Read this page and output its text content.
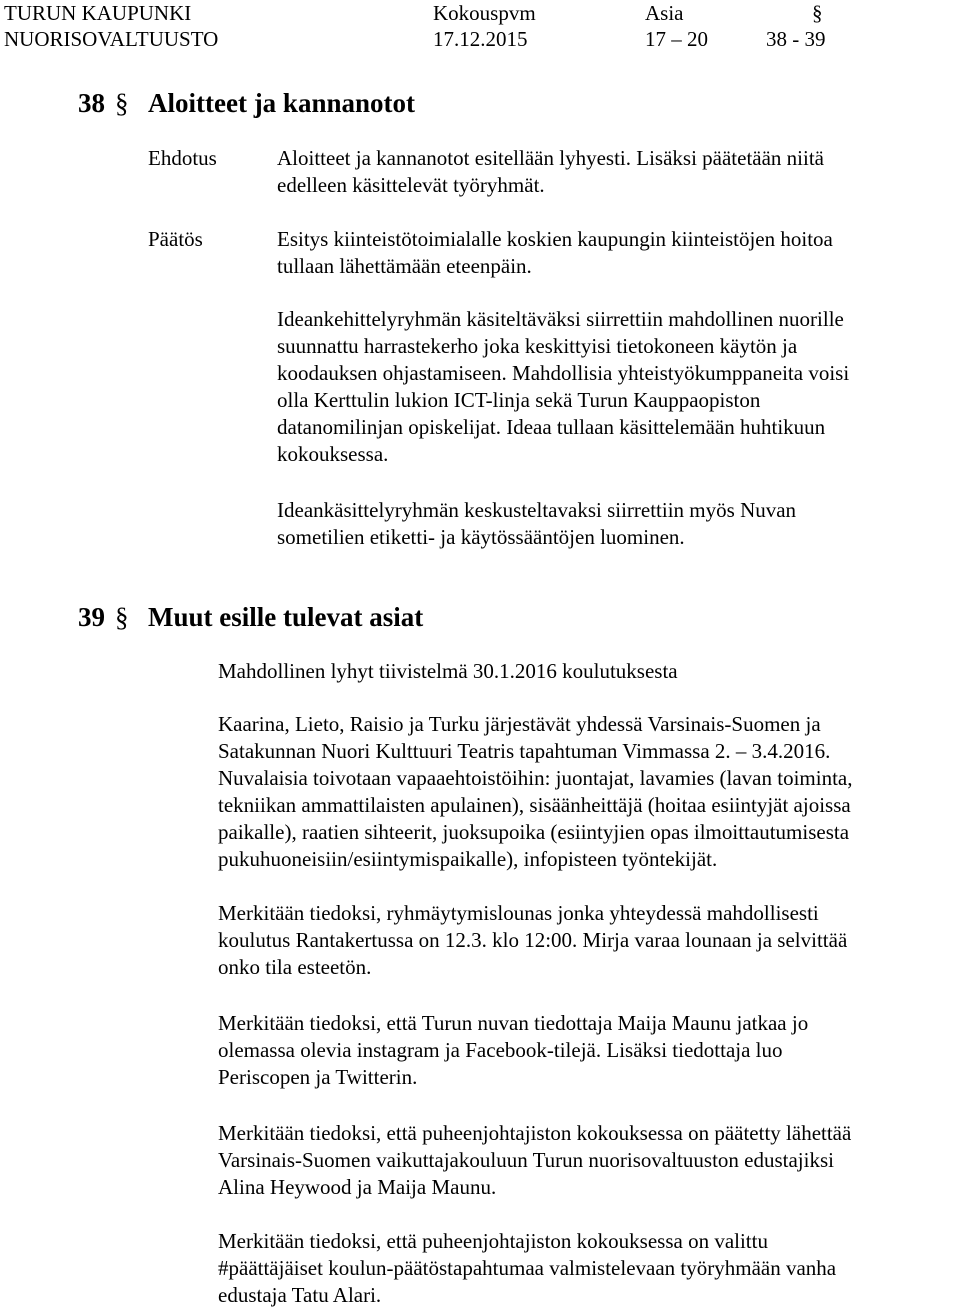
TURUN KAUPUNKI
NUORISOVALTUUSTO
Kokouspvm
17.12.2015
Asia
17 – 20
§
38 - 39
38 § Aloitteet ja kannanotot
Ehdotus	Aloitteet ja kannanotot esitellään lyhyesti. Lisäksi päätetään niitä
edelleen käsittelevät työryhmät.
Päätös	Esitys kiinteistötoimialalle koskien kaupungin kiinteistöjen hoitoa
tullaan lähettämään eteenpäin.
Ideankehittelyryhmän käsiteltäväksi siirrettiin mahdollinen nuorille
suunnattu harrastekerho joka keskittyisi tietokoneen käytön ja
koodauksen ohjastamiseen. Mahdollisia yhteistyökumppaneita voisi
olla Kerttulin lukion ICT-linja sekä Turun Kauppaopiston
datanomilinjan opiskelijat. Ideaa tullaan käsittelemään huhtikuun
kokouksessa.
Ideankäsittelyryhmän keskusteltavaksi siirrettiin myös Nuvan
sometilien etiketti- ja käytössääntöjen luominen.
39 § Muut esille tulevat asiat
Mahdollinen lyhyt tiivistelmä 30.1.2016 koulutuksesta
Kaarina, Lieto, Raisio ja Turku järjestävät yhdessä Varsinais-Suomen ja
Satakunnan Nuori Kulttuuri Teatris tapahtuman Vimmassa 2. – 3.4.2016.
Nuvalaisia toivotaan vapaaehtoistöihin: juontajat, lavamies (lavan toiminta,
tekniikan ammattilaisten apulainen), sisäänheittäjä (hoitaa esiintyjät ajoissa
paikalle), raatien sihteerit, juoksupoika (esiintyjien opas ilmoittautumisesta
pukuhuoneisiin/esiintymispaikalle), infopisteen työntekijät.
Merkitään tiedoksi, ryhmäytymislounas jonka yhteydessä mahdollisesti
koulutus Rantakertussa on 12.3. klo 12:00. Mirja varaa lounaan ja selvittää
onko tila esteetön.
Merkitään tiedoksi, että Turun nuvan tiedottaja Maija Maunu jatkaa jo
olemassa olevia instagram ja Facebook-tilejä. Lisäksi tiedottaja luo
Periscopen ja Twitterin.
Merkitään tiedoksi, että puheenjohtajiston kokouksessa on päätetty lähettää
Varsinais-Suomen vaikuttajakouluun Turun nuorisovaltuuston edustajiksi
Alina Heywood ja Maija Maunu.
Merkitään tiedoksi, että puheenjohtajiston kokouksessa on valittu
#päättäjäiset koulun-päätöstapahtumaa valmistelevaan työryhmään vanha
edustaja Tatu Alari.
